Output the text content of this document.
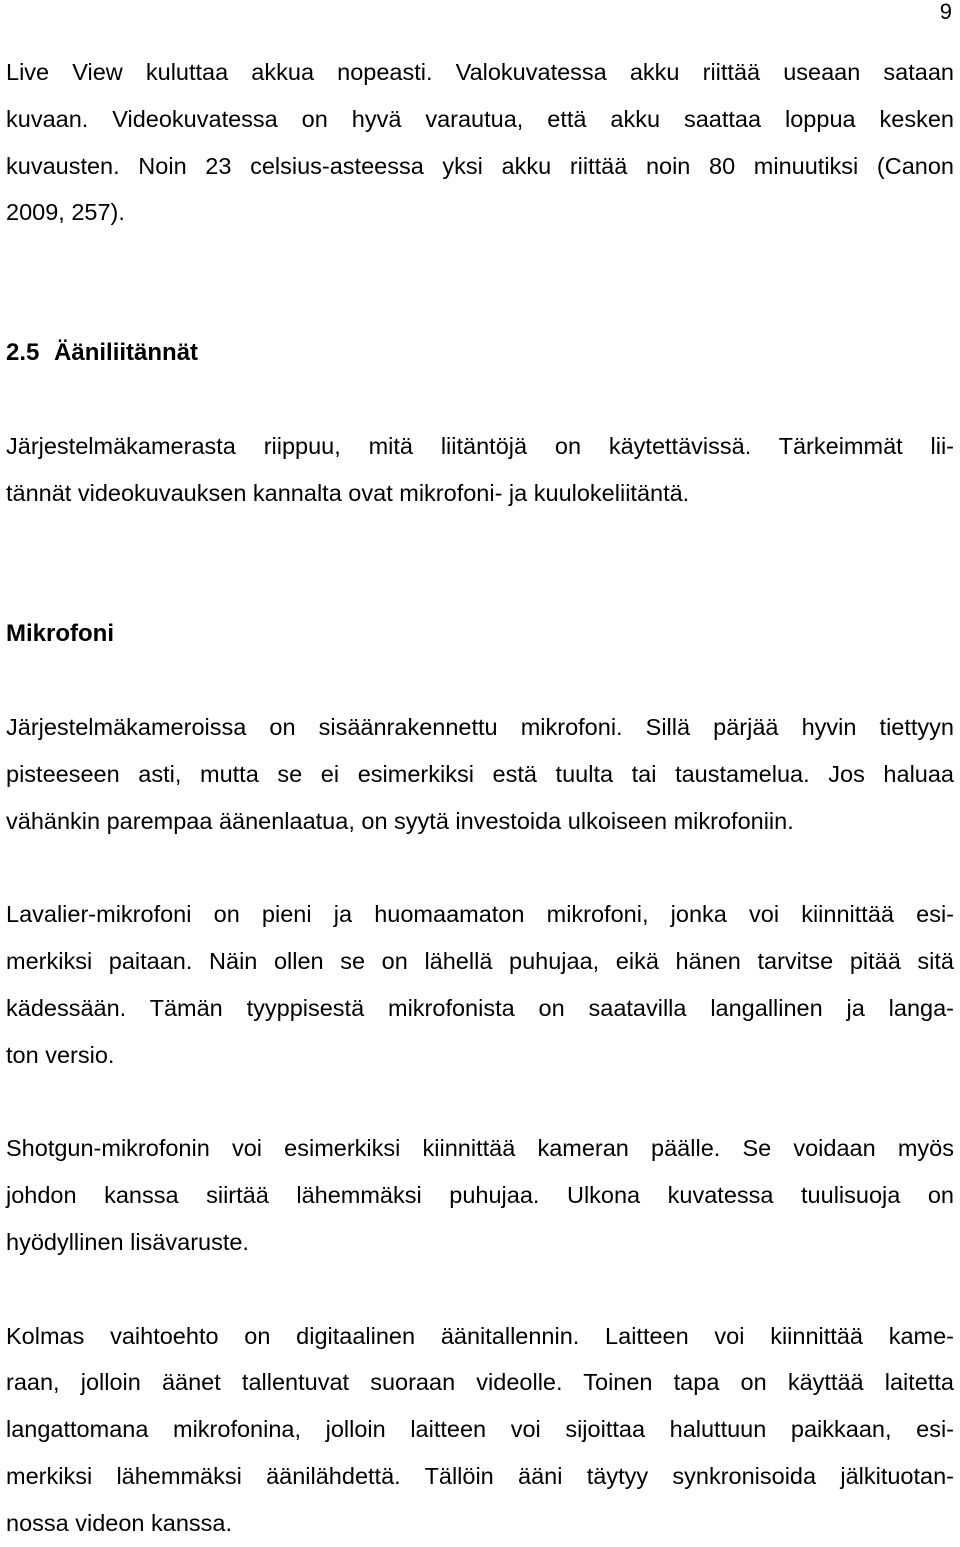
9

Live View kuluttaa akkua nopeasti. Valokuvatessa akku riittää useaan sataan
kuvaan. Videokuvatessa on hyvä varautua, että akku saattaa loppua kesken
kuvausten. Noin 23 celsius-asteessa yksi akku riittää noin 80 minuutiksi (Canon
2009, 257).

2.5 Ääniliitännät

Järjestelmäkamerasta riippuu, mitä liitäntöjä on käytettävissä. Tärkeimmät lii-
tännät videokuvauksen kannalta ovat mikrofoni- ja kuulokeliitäntä.

Mikrofoni

Järjestelmäkameroissa on sisäänrakennettu mikrofoni. Sillä pärjää hyvin tiettyyn
pisteeseen asti, mutta se ei esimerkiksi estä tuulta tai taustamelua. Jos haluaa
vähänkin parempaa äänenlaatua, on syytä investoida ulkoiseen mikrofoniin.

Lavalier-mikrofoni on pieni ja huomaamaton mikrofoni, jonka voi kiinnittää esi-
merkiksi paitaan. Näin ollen se on lähellä puhujaa, eikä hänen tarvitse pitää sitä
kädessään. Tämän tyyppisestä mikrofonista on saatavilla langallinen ja langa-
ton versio.

Shotgun-mikrofonin voi esimerkiksi kiinnittää kameran päälle. Se voidaan myös
johdon kanssa siirtää lähemmäksi puhujaa. Ulkona kuvatessa tuulisuoja on
hyödyllinen lisävaruste.

Kolmas vaihtoehto on digitaalinen äänitallennin. Laitteen voi kiinnittää kame-
raan, jolloin äänet tallentuvat suoraan videolle. Toinen tapa on käyttää laitetta
langattomana mikrofonina, jolloin laitteen voi sijoittaa haluttuun paikkaan, esi-
merkiksi lähemmäksi äänilähdettä. Tällöin ääni täytyy synkronisoida jälkituotan-
nossa videon kanssa.
